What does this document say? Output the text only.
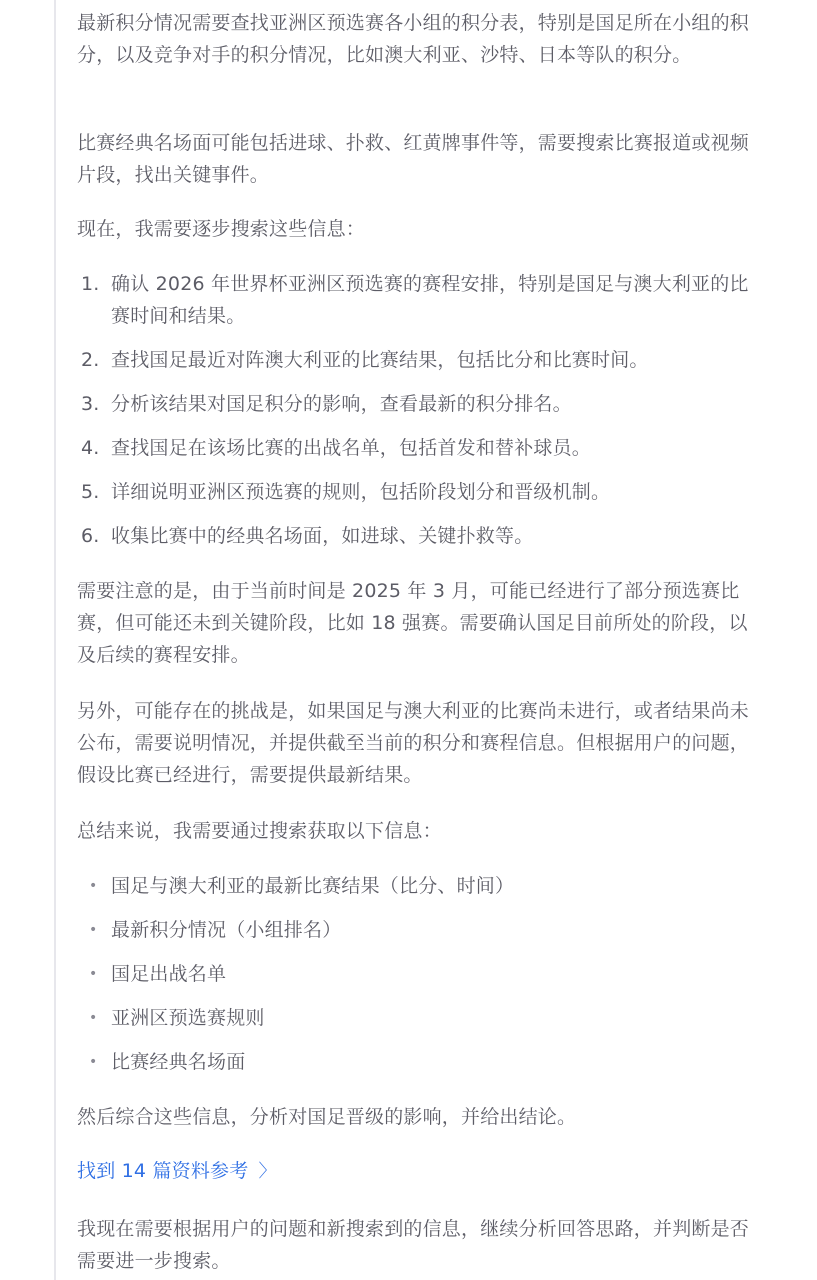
最新积分情况需要查找亚洲区预选赛各小组的积分表，特别是国足所在小组的积分，以及竞争对手的积分情况，比如澳大利亚、沙特、日本等队的积分。

比赛经典名场面可能包括进球、扑救、红黄牌事件等，需要搜索比赛报道或视频片段，找出关键事件。

现在，我需要逐步搜索这些信息：

1. 确认 2026 年世界杯亚洲区预选赛的赛程安排，特别是国足与澳大利亚的比赛时间和结果。
2. 查找国足最近对阵澳大利亚的比赛结果，包括比分和比赛时间。
3. 分析该结果对国足积分的影响，查看最新的积分排名。
4. 查找国足在该场比赛的出战名单，包括首发和替补球员。
5. 详细说明亚洲区预选赛的规则，包括阶段划分和晋级机制。
6. 收集比赛中的经典名场面，如进球、关键扑救等。

需要注意的是，由于当前时间是 2025 年 3 月，可能已经进行了部分预选赛比赛，但可能还未到关键阶段，比如 18 强赛。需要确认国足目前所处的阶段，以及后续的赛程安排。

另外，可能存在的挑战是，如果国足与澳大利亚的比赛尚未进行，或者结果尚未公布，需要说明情况，并提供截至当前的积分和赛程信息。但根据用户的问题，假设比赛已经进行，需要提供最新结果。

总结来说，我需要通过搜索获取以下信息：

• 国足与澳大利亚的最新比赛结果（比分、时间）
• 最新积分情况（小组排名）
• 国足出战名单
• 亚洲区预选赛规则
• 比赛经典名场面

然后综合这些信息，分析对国足晋级的影响，并给出结论。

找到 14 篇资料参考 〉

我现在需要根据用户的问题和新搜索到的信息，继续分析回答思路，并判断是否需要进一步搜索。
